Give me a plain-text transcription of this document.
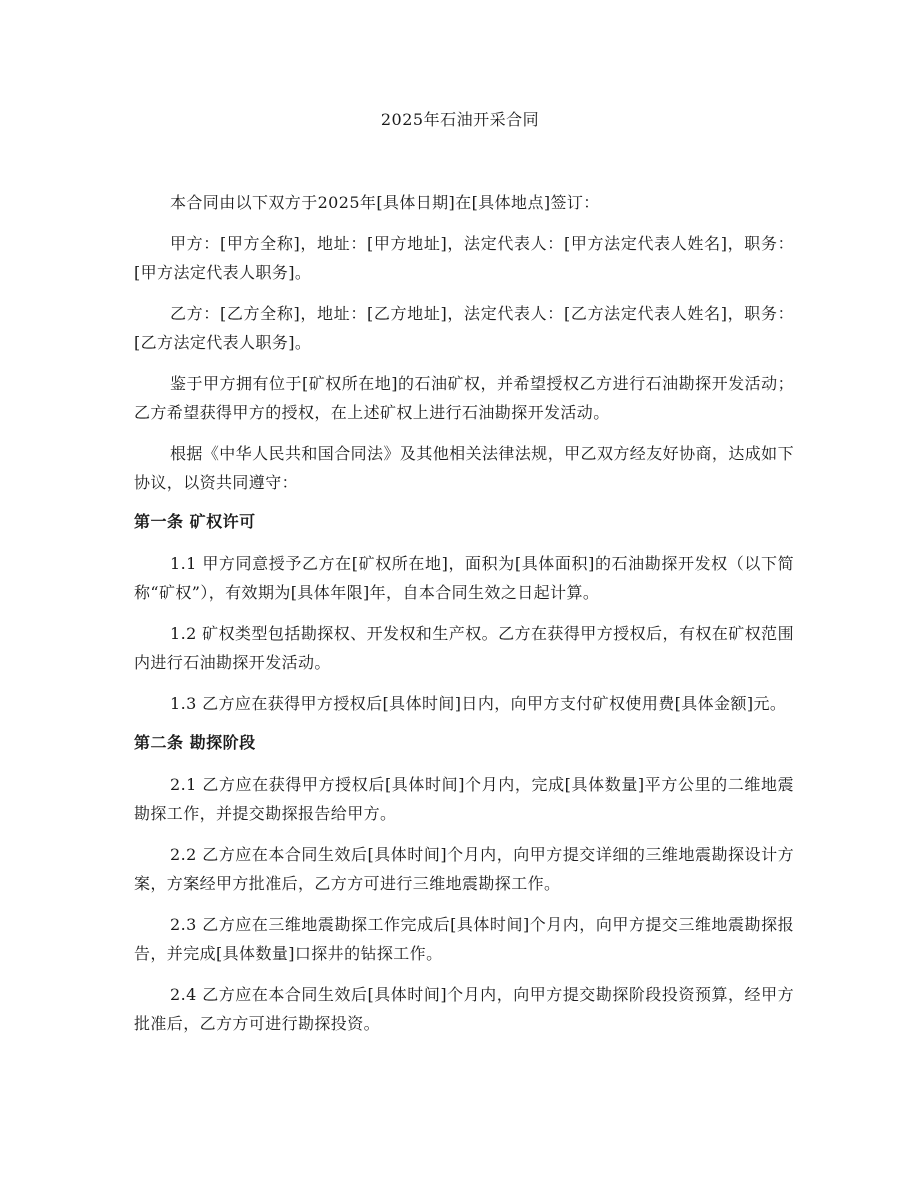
2025年石油开采合同

本合同由以下双方于2025年[具体日期]在[具体地点]签订：

甲方：[甲方全称]，地址：[甲方地址]，法定代表人：[甲方法定代表人姓名]，职务：[甲方法定代表人职务]。

乙方：[乙方全称]，地址：[乙方地址]，法定代表人：[乙方法定代表人姓名]，职务：[乙方法定代表人职务]。

鉴于甲方拥有位于[矿权所在地]的石油矿权，并希望授权乙方进行石油勘探开发活动；乙方希望获得甲方的授权，在上述矿权上进行石油勘探开发活动。

根据《中华人民共和国合同法》及其他相关法律法规，甲乙双方经友好协商，达成如下协议，以资共同遵守：

第一条 矿权许可

1.1 甲方同意授予乙方在[矿权所在地]，面积为[具体面积]的石油勘探开发权（以下简称“矿权”），有效期为[具体年限]年，自本合同生效之日起计算。

1.2 矿权类型包括勘探权、开发权和生产权。乙方在获得甲方授权后，有权在矿权范围内进行石油勘探开发活动。

1.3 乙方应在获得甲方授权后[具体时间]日内，向甲方支付矿权使用费[具体金额]元。

第二条 勘探阶段

2.1 乙方应在获得甲方授权后[具体时间]个月内，完成[具体数量]平方公里的二维地震勘探工作，并提交勘探报告给甲方。

2.2 乙方应在本合同生效后[具体时间]个月内，向甲方提交详细的三维地震勘探设计方案，方案经甲方批准后，乙方方可进行三维地震勘探工作。

2.3 乙方应在三维地震勘探工作完成后[具体时间]个月内，向甲方提交三维地震勘探报告，并完成[具体数量]口探井的钻探工作。

2.4 乙方应在本合同生效后[具体时间]个月内，向甲方提交勘探阶段投资预算，经甲方批准后，乙方方可进行勘探投资。
